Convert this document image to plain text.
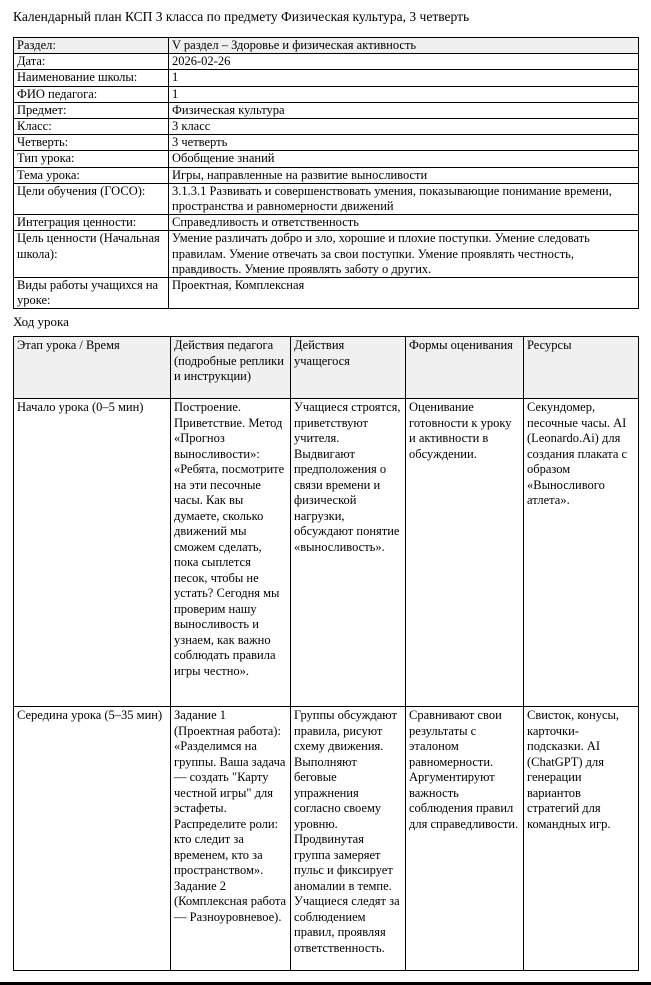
Календарный план КСП 3 класса по предмету Физическая культура, 3 четверть
Раздел:	V раздел – Здоровье и физическая активность
Дата:	2026-02-26
Наименование школы:	1
ФИО педагога:	1
Предмет:	Физическая культура
Класс:	3 класс
Четверть:	3 четверть
Тип урока:	Обобщение знаний
Тема урока:	Игры, направленные на развитие выносливости
Цели обучения (ГОСО):	3.1.3.1 Развивать и совершенствовать умения, показывающие понимание времени, пространства и равномерности движений
Интеграция ценности:	Справедливость и ответственность
Цель ценности (Начальная школа):	Умение различать добро и зло, хорошие и плохие поступки. Умение следовать правилам. Умение отвечать за свои поступки. Умение проявлять честность, правдивость. Умение проявлять заботу о других.
Виды работы учащихся на уроке:	Проектная, Комплексная
Ход урока
Этап урока / Время	Действия педагога (подробные реплики и инструкции)	Действия учащегося	Формы оценивания	Ресурсы
Начало урока (0–5 мин)	Построение. Приветствие. Метод «Прогноз выносливости»: «Ребята, посмотрите на эти песочные часы. Как вы думаете, сколько движений мы сможем сделать, пока сыплется песок, чтобы не устать? Сегодня мы проверим нашу выносливость и узнаем, как важно соблюдать правила игры честно».	Учащиеся строятся, приветствуют учителя. Выдвигают предположения о связи времени и физической нагрузки, обсуждают понятие «выносливость».	Оценивание готовности к уроку и активности в обсуждении.	Секундомер, песочные часы. AI (Leonardo.Ai) для создания плаката с образом «Выносливого атлета».
Середина урока (5–35 мин)	Задание 1 (Проектная работа): «Разделимся на группы. Ваша задача — создать "Карту честной игры" для эстафеты. Распределите роли: кто следит за временем, кто за пространством». Задание 2 (Комплексная работа — Разноуровневое).	Группы обсуждают правила, рисуют схему движения. Выполняют беговые упражнения согласно своему уровню. Продвинутая группа замеряет пульс и фиксирует аномалии в темпе. Учащиеся следят за соблюдением правил, проявляя ответственность.	Сравнивают свои результаты с эталоном равномерности. Аргументируют важность соблюдения правил для справедливости.	Свисток, конусы, карточки-подсказки. AI (ChatGPT) для генерации вариантов стратегий для командных игр.
